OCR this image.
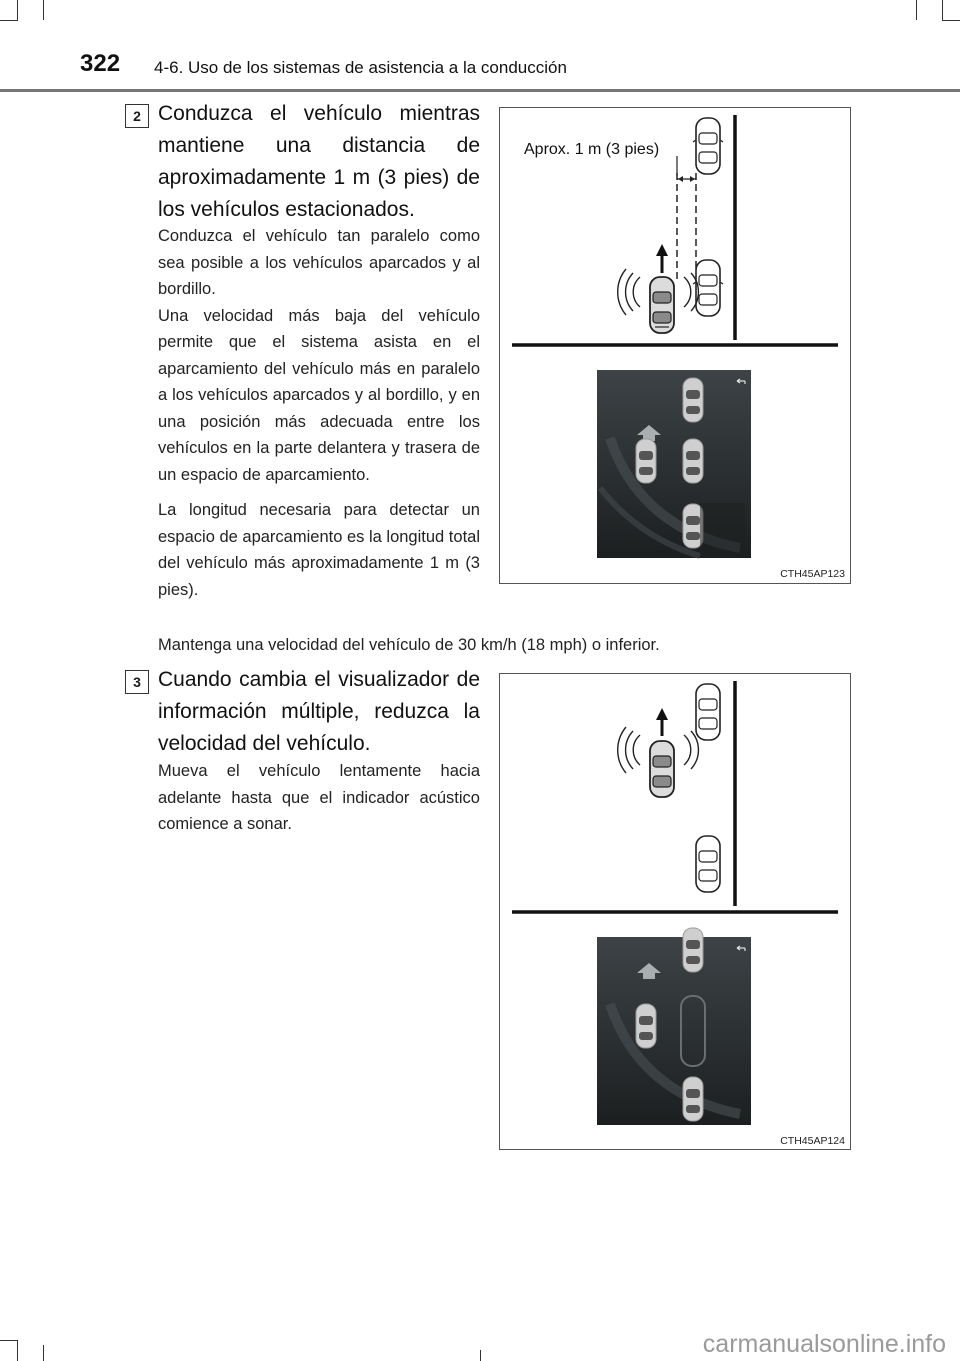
322 4-6. Uso de los sistemas de asistencia a la conducción
2 Conduzca el vehículo mientras mantiene una distancia de aproximadamente 1 m (3 pies) de los vehículos estacionados.

Conduzca el vehículo tan paralelo como sea posible a los vehículos aparcados y al bordillo.
Una velocidad más baja del vehículo permite que el sistema asista en el aparcamiento del vehículo más en paralelo a los vehículos aparcados y al bordillo, y en una posición más adecuada entre los vehículos en la parte delantera y trasera de un espacio de aparcamiento.

La longitud necesaria para detectar un espacio de aparcamiento es la longitud total del vehículo más aproximadamente 1 m (3 pies).

Mantenga una velocidad del vehículo de 30 km/h (18 mph) o inferior.
Aprox. 1 m (3 pies)
CTH45AP123
3 Cuando cambia el visualizador de información múltiple, reduzca la velocidad del vehículo.

Mueva el vehículo lentamente hacia adelante hasta que el indicador acústico comience a sonar.

CTH45AP124
carmanualsonline.info
